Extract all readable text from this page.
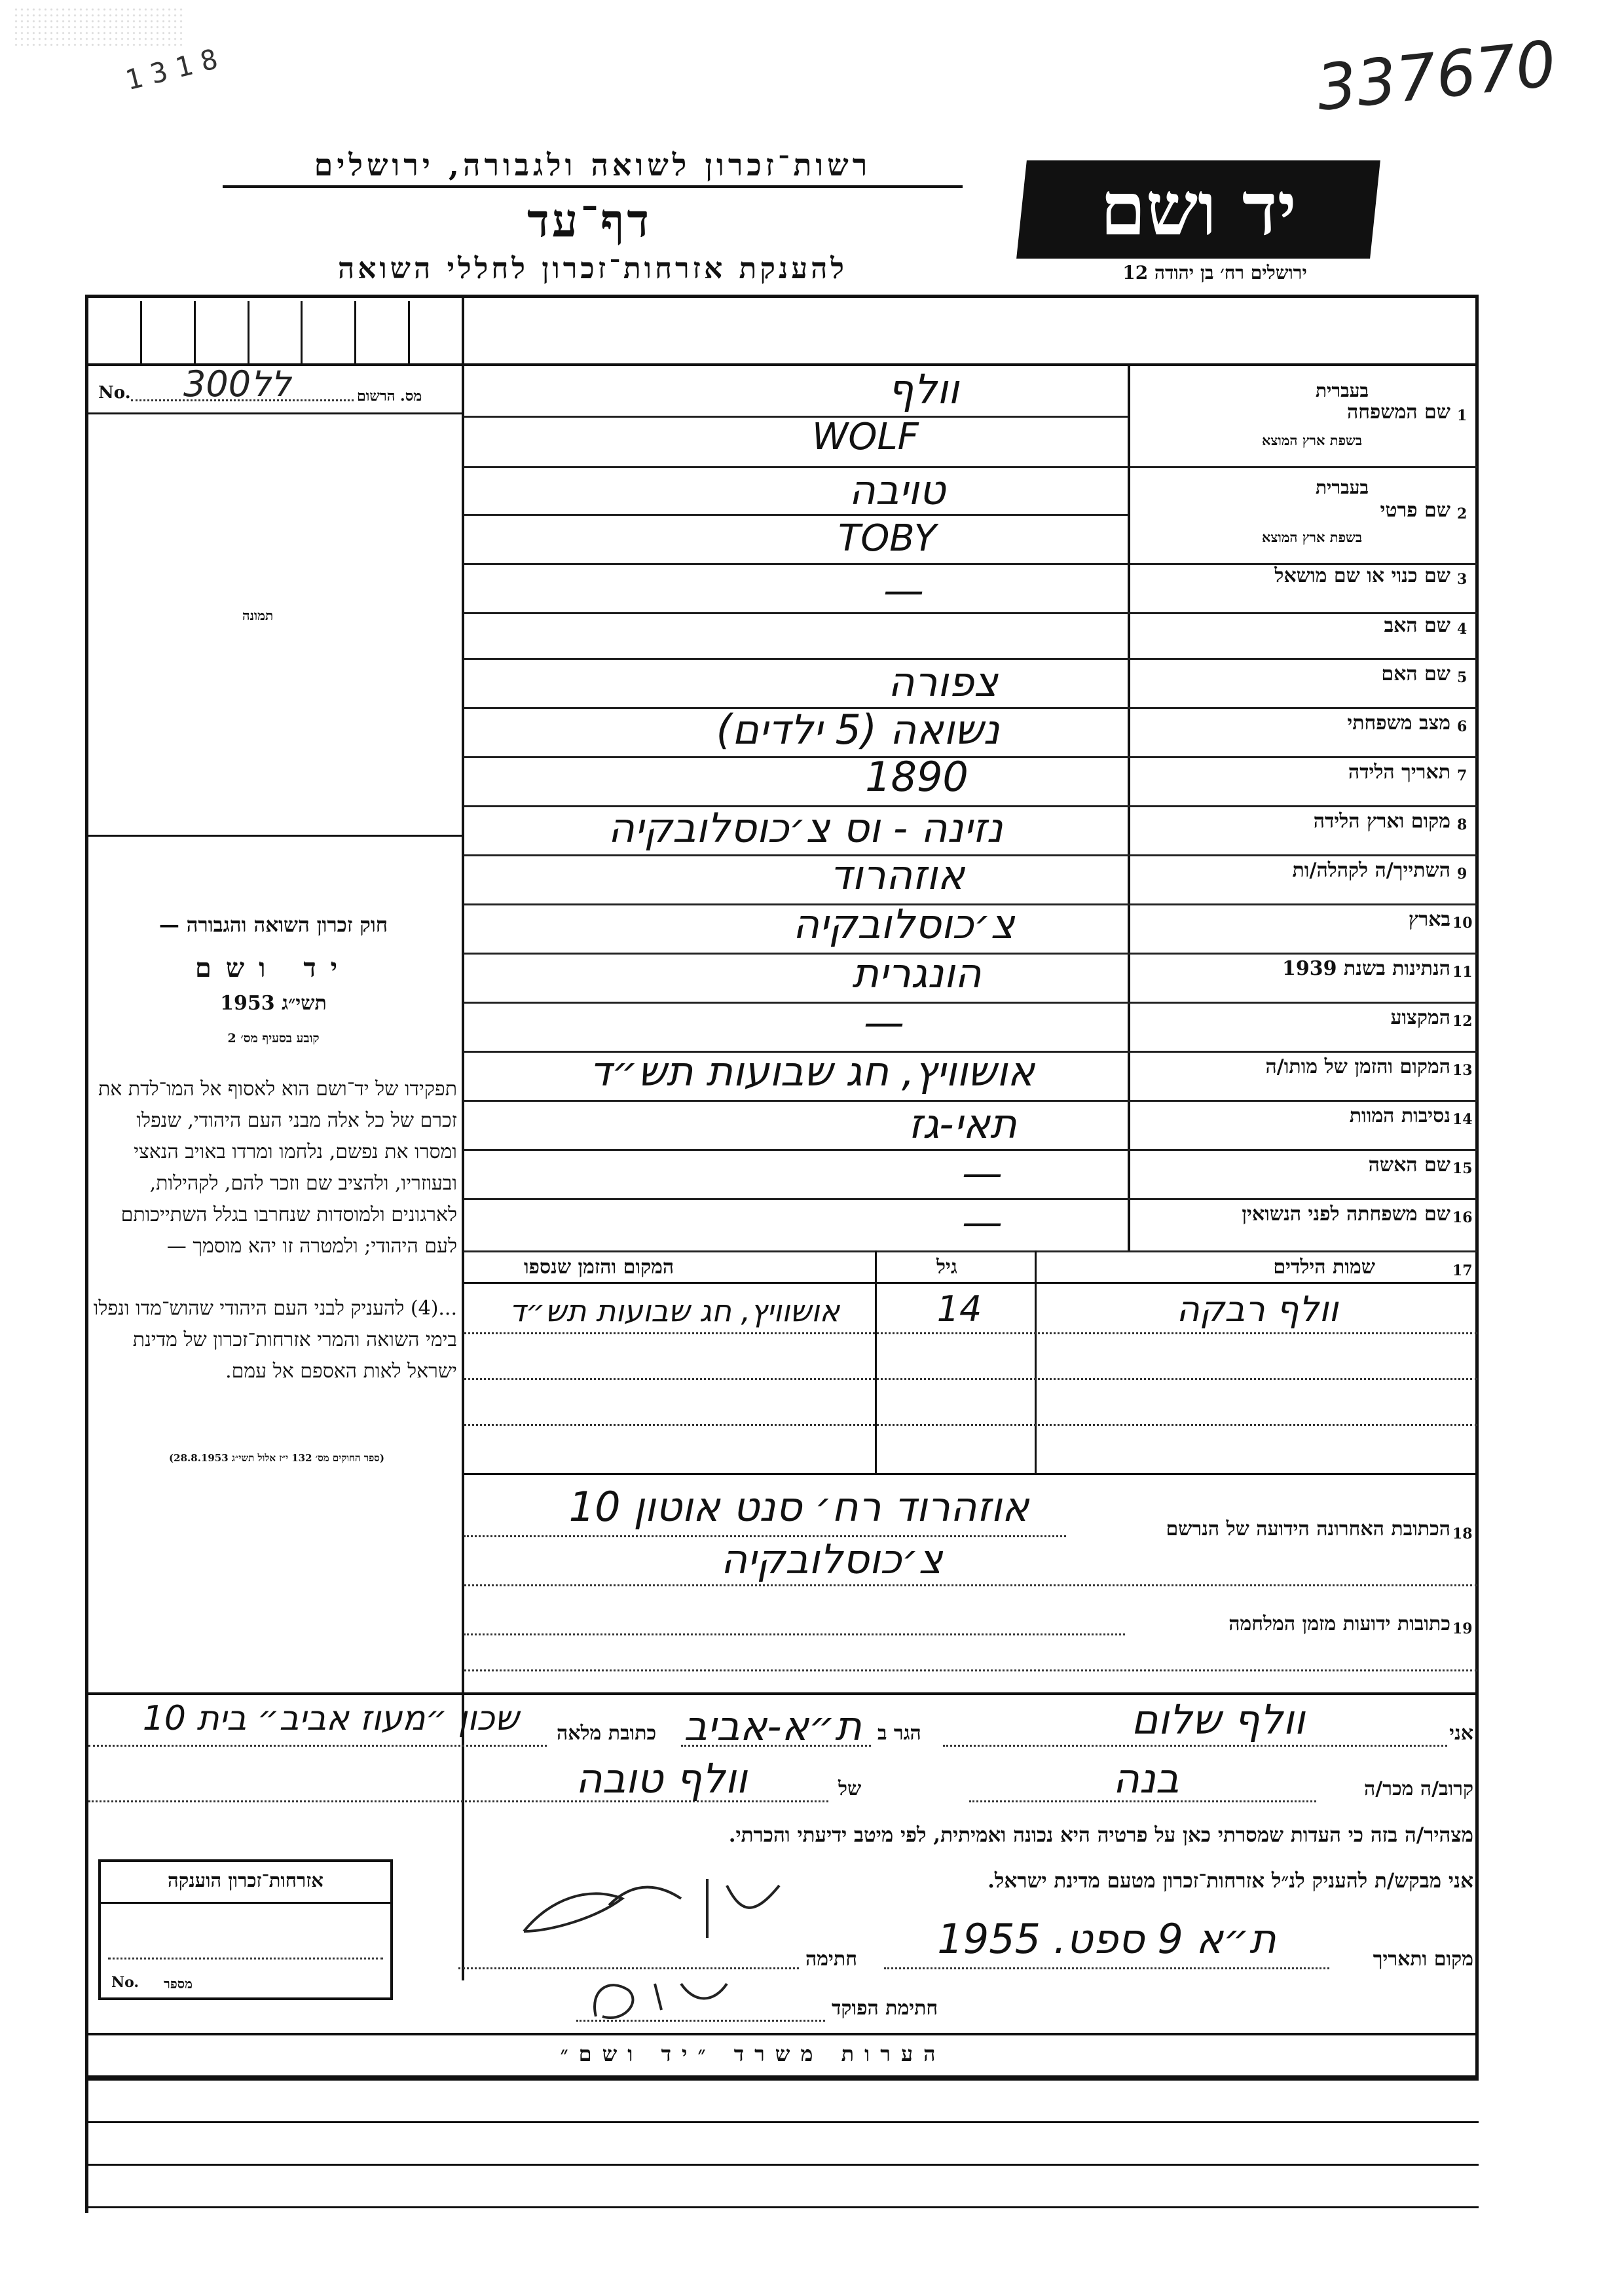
1318	337670
רשות־זכרון לשואה ולגבורה, ירושלים
דף־עד
להענקת אזרחות־זכרון לחללי השואה
יד ושם
ירושלים רח׳ בן יהודה 12
No. 300לל	מס. הרשום
תמונה
חוק זכרון השואה והגבורה —
יד ושם
תשי״ג 1953
קובע בסעיף מס׳ 2
תפקידו של יד־ושם הוא לאסוף אל המו־לדת את זכרם של כל אלה מבני העם היהודי, שנפלו ומסרו את נפשם, נלחמו ומרדו באויב הנאצי ובעוזריו, ולהציב שם וזכר להם, לקהילות, לארגונים ולמוסדות שנחרבו בגלל השתייכותם לעם היהודי; ולמטרה זו יהא מוסמך —
...(4) להעניק לבני העם היהודי שהוש־מדו ונפלו בימי השואה והמרי אזרחות־זכרון של מדינת ישראל לאות האספם אל עמם.
(ספר החוקים מס׳ 132 י״ז אלול תשי״ג 28.8.1953)
1
שם המשפחה
בעברית
בשפת ארץ המוצא
וולף
WOLF
2
שם פרטי
בעברית
בשפת ארץ המוצא
טויבה
TOBY
3
שם כנוי או שם מושאל
—
4
שם האב
5
שם האם
צפורה
6
מצב משפחתי
נשואה (5 ילדים)
7
תאריך הלידה
1890
8
מקום וארץ הלידה
נזינה - וס צ׳כוסלובקיה
9
השתייך/ה לקהלה/ות
אוזהרוד
10
בארץ
צ׳כוסלובקיה
11
הנתינות בשנת 1939
הונגרית
12
המקצוע
—
13
המקום והזמן של מותו/ה
אושוויץ, חג שבועות תש״ד
14
נסיבות המוות
תאי-גז
15
שם האשה
—
16
שם משפחתה לפני הנשואין
—
17
שמות הילדים
גיל
המקום והזמן שנספו
וולף רבקה
14
אושוויץ, חג שבועות תש״ד
18
הכתובת האחרונה הידועה של הנרשם
אוזהרוד רח׳ סנט אוטון 10
צ׳כוסלובקיה
19
כתובות ידועות מזמן המלחמה
אני
וולף שלום
הגר ב
ת״א-אביב
כתובת מלאה
שכון ״מעוז אביב״ בית 10
קרוב/ה מכר/ה
בנה
של
וולף טובה
מצהיר/ה בזה כי העדות שמסרתי כאן על פרטיה היא נכונה ואמיתית, לפי מיטב ידיעתי והכרתי.
אני מבקש/ת להעניק לנ״ל אזרחות־זכרון מטעם מדינת ישראל.
מקום ותאריך
ת״א 9 ספט. 1955
חתימה
חתימת הפוקד
אזרחות־זכרון הוענקה
No. מספר
הערות משרד ״יד ושם״
